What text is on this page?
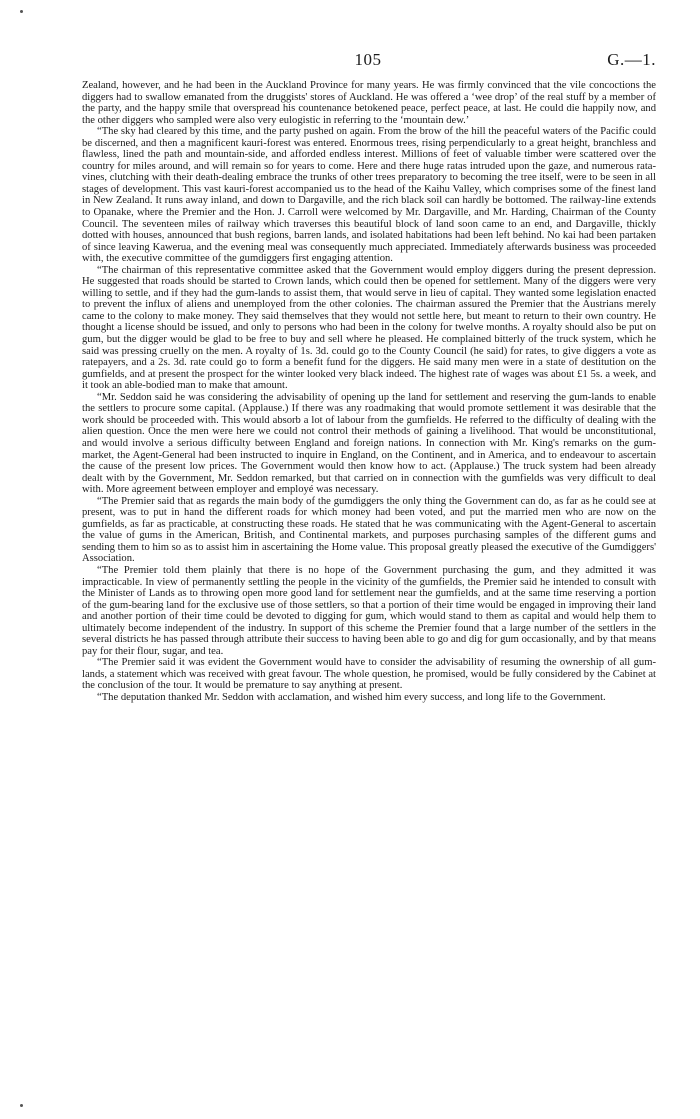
105	G.—1.

Zealand, however, and he had been in the Auckland Province for many years. He was firmly convinced that the vile concoctions the diggers had to swallow emanated from the druggists' stores of Auckland. He was offered a ‘wee drop’ of the real stuff by a member of the party, and the happy smile that overspread his countenance betokened peace, perfect peace, at last. He could die happily now, and the other diggers who sampled were also very eulogistic in referring to the ‘mountain dew.’

“The sky had cleared by this time, and the party pushed on again. From the brow of the hill the peaceful waters of the Pacific could be discerned, and then a magnificent kauri-forest was entered. Enormous trees, rising perpendicularly to a great height, branchless and flawless, lined the path and mountain-side, and afforded endless interest. Millions of feet of valuable timber were scattered over the country for miles around, and will remain so for years to come. Here and there huge ratas intruded upon the gaze, and numerous rata-vines, clutching with their death-dealing embrace the trunks of other trees preparatory to becoming the tree itself, were to be seen in all stages of development. This vast kauri-forest accompanied us to the head of the Kaihu Valley, which comprises some of the finest land in New Zealand. It runs away inland, and down to Dargaville, and the rich black soil can hardly be bottomed. The railway-line extends to Opanake, where the Premier and the Hon. J. Carroll were welcomed by Mr. Dargaville, and Mr. Harding, Chairman of the County Council. The seventeen miles of railway which traverses this beautiful block of land soon came to an end, and Dargaville, thickly dotted with houses, announced that bush regions, barren lands, and isolated habitations had been left behind. No kai had been partaken of since leaving Kawerua, and the evening meal was consequently much appreciated. Immediately afterwards business was proceeded with, the executive committee of the gumdiggers first engaging attention.

“The chairman of this representative committee asked that the Government would employ diggers during the present depression. He suggested that roads should be started to Crown lands, which could then be opened for settlement. Many of the diggers were very willing to settle, and if they had the gum-lands to assist them, that would serve in lieu of capital. They wanted some legislation enacted to prevent the influx of aliens and unemployed from the other colonies. The chairman assured the Premier that the Austrians merely came to the colony to make money. They said themselves that they would not settle here, but meant to return to their own country. He thought a license should be issued, and only to persons who had been in the colony for twelve months. A royalty should also be put on gum, but the digger would be glad to be free to buy and sell where he pleased. He complained bitterly of the truck system, which he said was pressing cruelly on the men. A royalty of 1s. 3d. could go to the County Council (he said) for rates, to give diggers a vote as ratepayers, and a 2s. 3d. rate could go to form a benefit fund for the diggers. He said many men were in a state of destitution on the gumfields, and at present the prospect for the winter looked very black indeed. The highest rate of wages was about £1 5s. a week, and it took an able-bodied man to make that amount.

“Mr. Seddon said he was considering the advisability of opening up the land for settlement and reserving the gum-lands to enable the settlers to procure some capital. (Applause.) If there was any roadmaking that would promote settlement it was desirable that the work should be proceeded with. This would absorb a lot of labour from the gumfields. He referred to the difficulty of dealing with the alien question. Once the men were here we could not control their methods of gaining a livelihood. That would be unconstitutional, and would involve a serious difficulty between England and foreign nations. In connection with Mr. King's remarks on the gum-market, the Agent-General had been instructed to inquire in England, on the Continent, and in America, and to endeavour to ascertain the cause of the present low prices. The Government would then know how to act. (Applause.) The truck system had been already dealt with by the Government, Mr. Seddon remarked, but that carried on in connection with the gumfields was very difficult to deal with. More agreement between employer and employé was necessary.

“The Premier said that as regards the main body of the gumdiggers the only thing the Government can do, as far as he could see at present, was to put in hand the different roads for which money had been voted, and put the married men who are now on the gumfields, as far as practicable, at constructing these roads. He stated that he was communicating with the Agent-General to ascertain the value of gums in the American, British, and Continental markets, and purposes purchasing samples of the different gums and sending them to him so as to assist him in ascertaining the Home value. This proposal greatly pleased the executive of the Gumdiggers' Association.

“The Premier told them plainly that there is no hope of the Government purchasing the gum, and they admitted it was impracticable. In view of permanently settling the people in the vicinity of the gumfields, the Premier said he intended to consult with the Minister of Lands as to throwing open more good land for settlement near the gumfields, and at the same time reserving a portion of the gum-bearing land for the exclusive use of those settlers, so that a portion of their time would be engaged in improving their land and another portion of their time could be devoted to digging for gum, which would stand to them as capital and would help them to ultimately become independent of the industry. In support of this scheme the Premier found that a large number of the settlers in the several districts he has passed through attribute their success to having been able to go and dig for gum occasionally, and by that means pay for their flour, sugar, and tea.

“The Premier said it was evident the Government would have to consider the advisability of resuming the ownership of all gum-lands, a statement which was received with great favour. The whole question, he promised, would be fully considered by the Cabinet at the conclusion of the tour. It would be premature to say anything at present.

“The deputation thanked Mr. Seddon with acclamation, and wished him every success, and long life to the Government.
